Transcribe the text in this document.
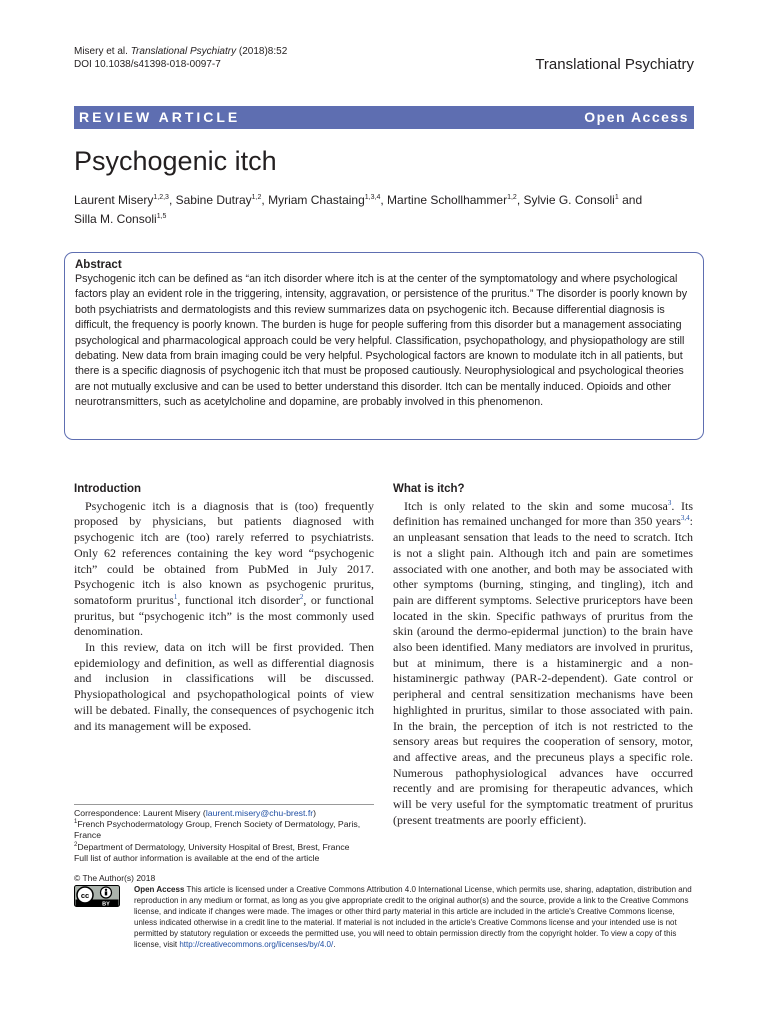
Misery et al. Translational Psychiatry (2018)8:52
DOI 10.1038/s41398-018-0097-7	Translational Psychiatry
REVIEW ARTICLE	Open Access
Psychogenic itch
Laurent Misery$^{1,2,3}$, Sabine Dutray$^{1,2}$, Myriam Chastaing$^{1,3,4}$, Martine Schollhammer$^{1,2}$, Sylvie G. Consoli$^1$ and
Silla M. Consoli$^{1,5}$
Abstract

Psychogenic itch can be defined as “an itch disorder where itch is at the center of the symptomatology and where psychological factors play an evident role in the triggering, intensity, aggravation, or persistence of the pruritus.” The disorder is poorly known by both psychiatrists and dermatologists and this review summarizes data on psychogenic itch. Because differential diagnosis is difficult, the frequency is poorly known. The burden is huge for people suffering from this disorder but a management associating psychological and pharmacological approach could be very helpful. Classification, psychopathology, and physiopathology are still debating. New data from brain imaging could be very helpful. Psychological factors are known to modulate itch in all patients, but there is a specific diagnosis of psychogenic itch that must be proposed cautiously. Neurophysiological and psychological theories are not mutually exclusive and can be used to better understand this disorder. Itch can be mentally induced. Opioids and other neurotransmitters, such as acetylcholine and dopamine, are probably involved in this phenomenon.

Introduction

Psychogenic itch is a diagnosis that is (too) frequently proposed by physicians, but patients diagnosed with psychogenic itch are (too) rarely referred to psychiatrists. Only 62 references containing the key word “psychogenic itch” could be obtained from PubMed in July 2017. Psychogenic itch is also known as psychogenic pruritus, somatoform pruritus$^1$, functional itch disorder$^2$, or functional pruritus, but “psychogenic itch” is the most commonly used denomination.

In this review, data on itch will be first provided. Then epidemiology and definition, as well as differential diagnosis and inclusion in classifications will be discussed. Physiopathological and psychopathological points of view will be debated. Finally, the consequences of psychogenic itch and its management will be exposed.

What is itch?

Itch is only related to the skin and some mucosa$^3$. Its definition has remained unchanged for more than 350 years$^{3,4}$: an unpleasant sensation that leads to the need to scratch. Itch is not a slight pain. Although itch and pain are sometimes associated with one another, and both may be associated with other symptoms (burning, stinging, and tingling), itch and pain are different symptoms. Selective pruriceptors have been located in the skin. Specific pathways of pruritus from the skin (around the dermo-epidermal junction) to the brain have also been identified. Many mediators are involved in pruritus, but at minimum, there is a histaminergic and a non-histaminergic pathway (PAR-2-dependent). Gate control or peripheral and central sensitization mechanisms have been highlighted in pruritus, similar to those associated with pain. In the brain, the perception of itch is not restricted to the sensory areas but requires the cooperation of sensory, motor, and affective areas, and the precuneus plays a specific role. Numerous pathophysiological advances have occurred recently and are promising for therapeutic advances, which will be very useful for the symptomatic treatment of pruritus (present treatments are poorly efficient).

Correspondence: Laurent Misery (laurent.misery@chu-brest.fr)
$^1$French Psychodermatology Group, French Society of Dermatology, Paris, France
$^2$Department of Dermatology, University Hospital of Brest, Brest, France
Full list of author information is available at the end of the article
© The Author(s) 2018
cc
BY
Open Access This article is licensed under a Creative Commons Attribution 4.0 International License, which permits use, sharing, adaptation, distribution and reproduction in any medium or format, as long as you give appropriate credit to the original author(s) and the source, provide a link to the Creative Commons license, and indicate if changes were made. The images or other third party material in this article are included in the article's Creative Commons license, unless indicated otherwise in a credit line to the material. If material is not included in the article's Creative Commons license and your intended use is not permitted by statutory regulation or exceeds the permitted use, you will need to obtain permission directly from the copyright holder. To view a copy of this license, visit http://creativecommons.org/licenses/by/4.0/.
